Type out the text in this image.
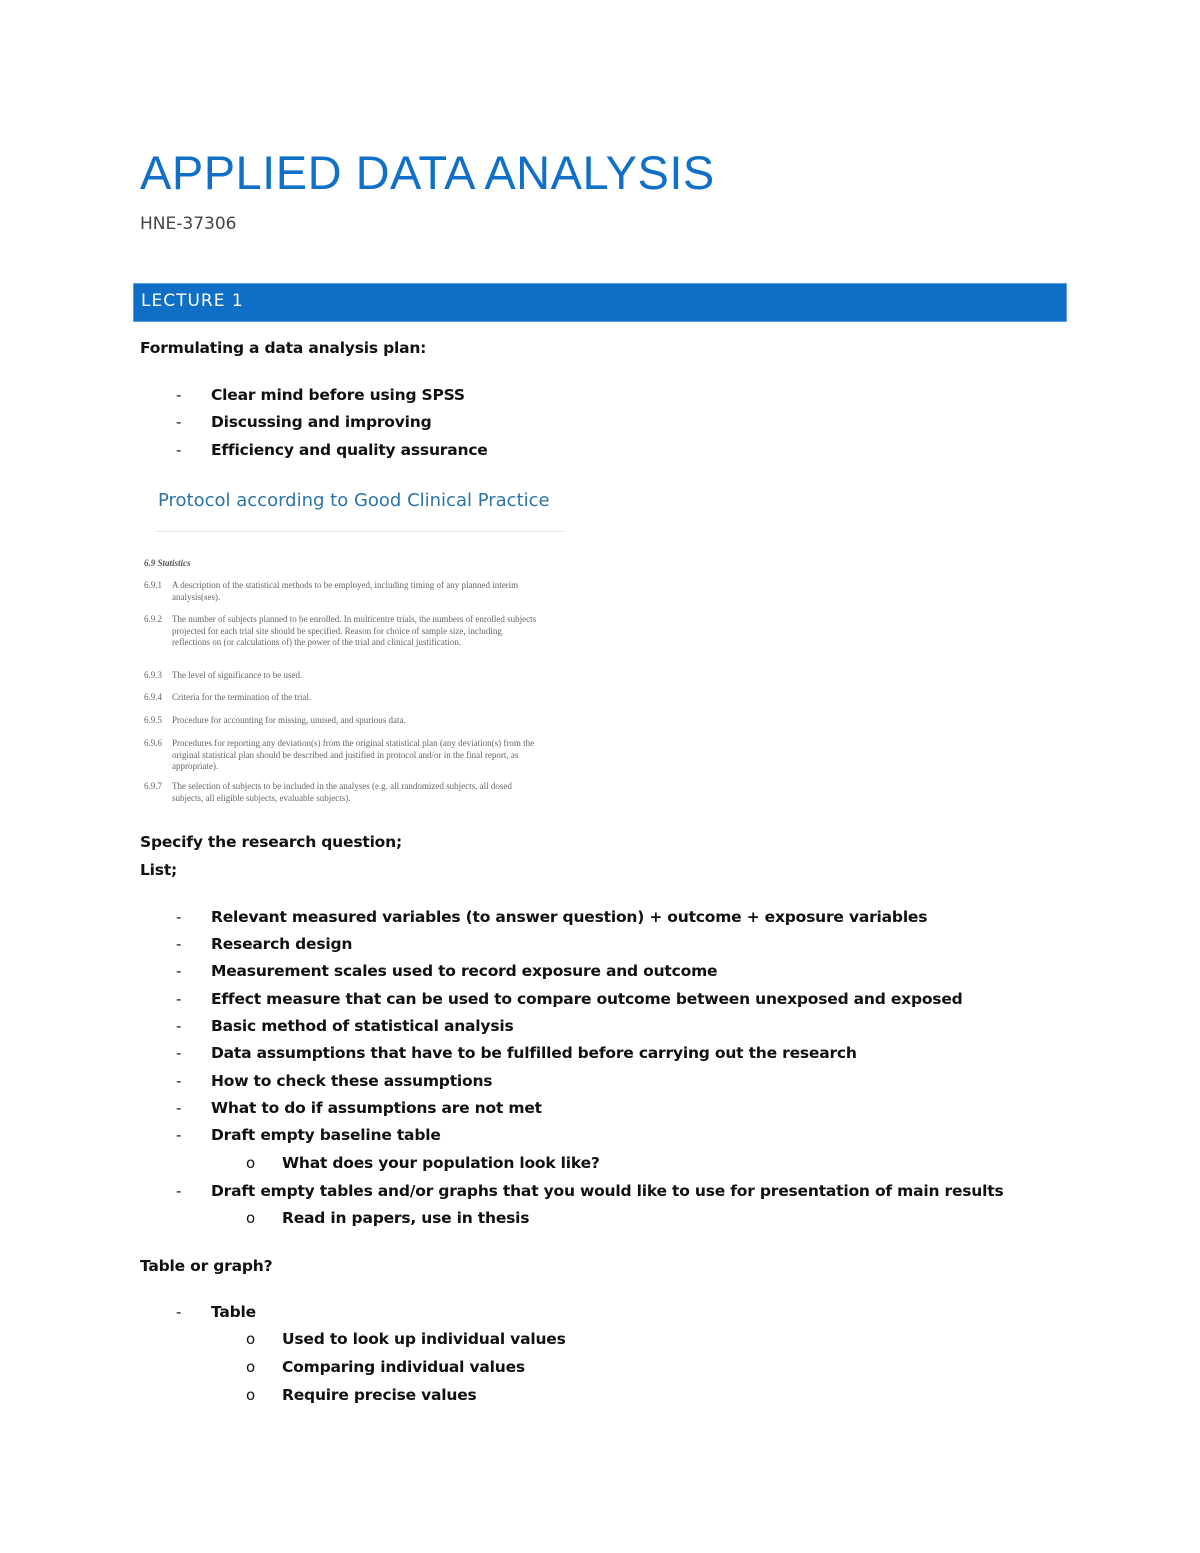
APPLIED DATA ANALYSIS
HNE-37306
LECTURE 1
Formulating a data analysis plan:
- Clear mind before using SPSS
- Discussing and improving
- Efficiency and quality assurance
Protocol according to Good Clinical Practice
6.9 Statistics
6.9.1 A description of the statistical methods to be employed, including timing of any planned interim analysis(ses).
6.9.2 The number of subjects planned to be enrolled. In multicentre trials, the numbers of enrolled subjects projected for each trial site should be specified. Reason for choice of sample size, including reflections on (or calculations of) the power of the trial and clinical justification.
6.9.3 The level of significance to be used.
6.9.4 Criteria for the termination of the trial.
6.9.5 Procedure for accounting for missing, unused, and spurious data.
6.9.6 Procedures for reporting any deviation(s) from the original statistical plan (any deviation(s) from the original statistical plan should be described and justified in protocol and/or in the final report, as appropriate).
6.9.7 The selection of subjects to be included in the analyses (e.g. all randomized subjects, all dosed subjects, all eligible subjects, evaluable subjects).
Specify the research question;
List;
- Relevant measured variables (to answer question) + outcome + exposure variables
- Research design
- Measurement scales used to record exposure and outcome
- Effect measure that can be used to compare outcome between unexposed and exposed
- Basic method of statistical analysis
- Data assumptions that have to be fulfilled before carrying out the research
- How to check these assumptions
- What to do if assumptions are not met
- Draft empty baseline table
o What does your population look like?
- Draft empty tables and/or graphs that you would like to use for presentation of main results
o Read in papers, use in thesis
Table or graph?
- Table
o Used to look up individual values
o Comparing individual values
o Require precise values
